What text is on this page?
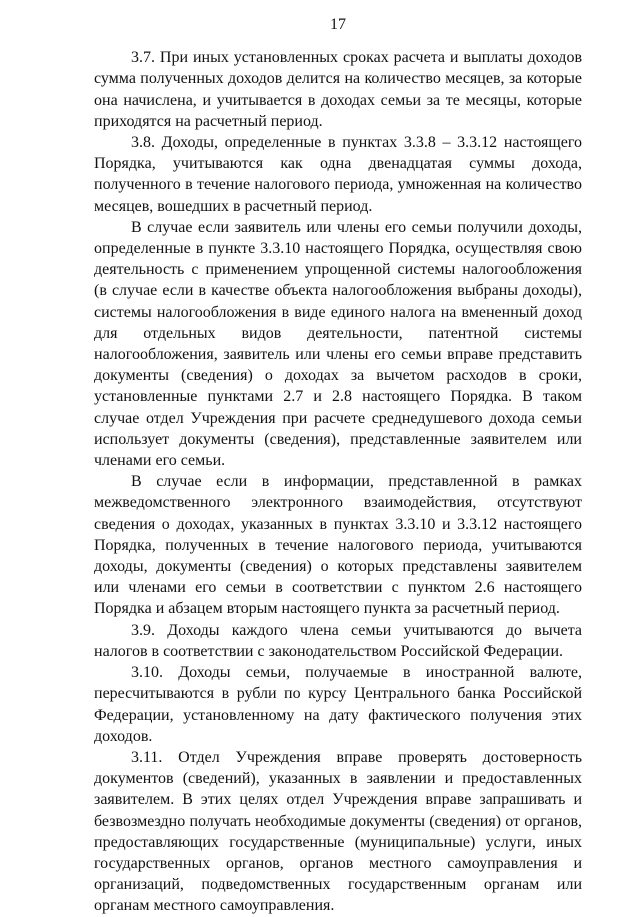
17

3.7. При иных установленных сроках расчета и выплаты доходов сумма полученных доходов делится на количество месяцев, за которые она начислена, и учитывается в доходах семьи за те месяцы, которые приходятся на расчетный период.

3.8. Доходы, определенные в пунктах 3.3.8 – 3.3.12 настоящего Порядка, учитываются как одна двенадцатая суммы дохода, полученного в течение налогового периода, умноженная на количество месяцев, вошедших в расчетный период.

В случае если заявитель или члены его семьи получили доходы, определенные в пункте 3.3.10 настоящего Порядка, осуществляя свою деятельность с применением упрощенной системы налогообложения (в случае если в качестве объекта налогообложения выбраны доходы), системы налогообложения в виде единого налога на вмененный доход для отдельных видов деятельности, патентной системы налогообложения, заявитель или члены его семьи вправе представить документы (сведения) о доходах за вычетом расходов в сроки, установленные пунктами 2.7 и 2.8 настоящего Порядка. В таком случае отдел Учреждения при расчете среднедушевого дохода семьи использует документы (сведения), представленные заявителем или членами его семьи.

В случае если в информации, представленной в рамках межведомственного электронного взаимодействия, отсутствуют сведения о доходах, указанных в пунктах 3.3.10 и 3.3.12 настоящего Порядка, полученных в течение налогового периода, учитываются доходы, документы (сведения) о которых представлены заявителем или членами его семьи в соответствии с пунктом 2.6 настоящего Порядка и абзацем вторым настоящего пункта за расчетный период.

3.9. Доходы каждого члена семьи учитываются до вычета налогов в соответствии с законодательством Российской Федерации.

3.10. Доходы семьи, получаемые в иностранной валюте, пересчитываются в рубли по курсу Центрального банка Российской Федерации, установленному на дату фактического получения этих доходов.

3.11. Отдел Учреждения вправе проверять достоверность документов (сведений), указанных в заявлении и предоставленных заявителем. В этих целях отдел Учреждения вправе запрашивать и безвозмездно получать необходимые документы (сведения) от органов, предоставляющих государственные (муниципальные) услуги, иных государственных органов, органов местного самоуправления и организаций, подведомственных государственным органам или органам местного самоуправления.
